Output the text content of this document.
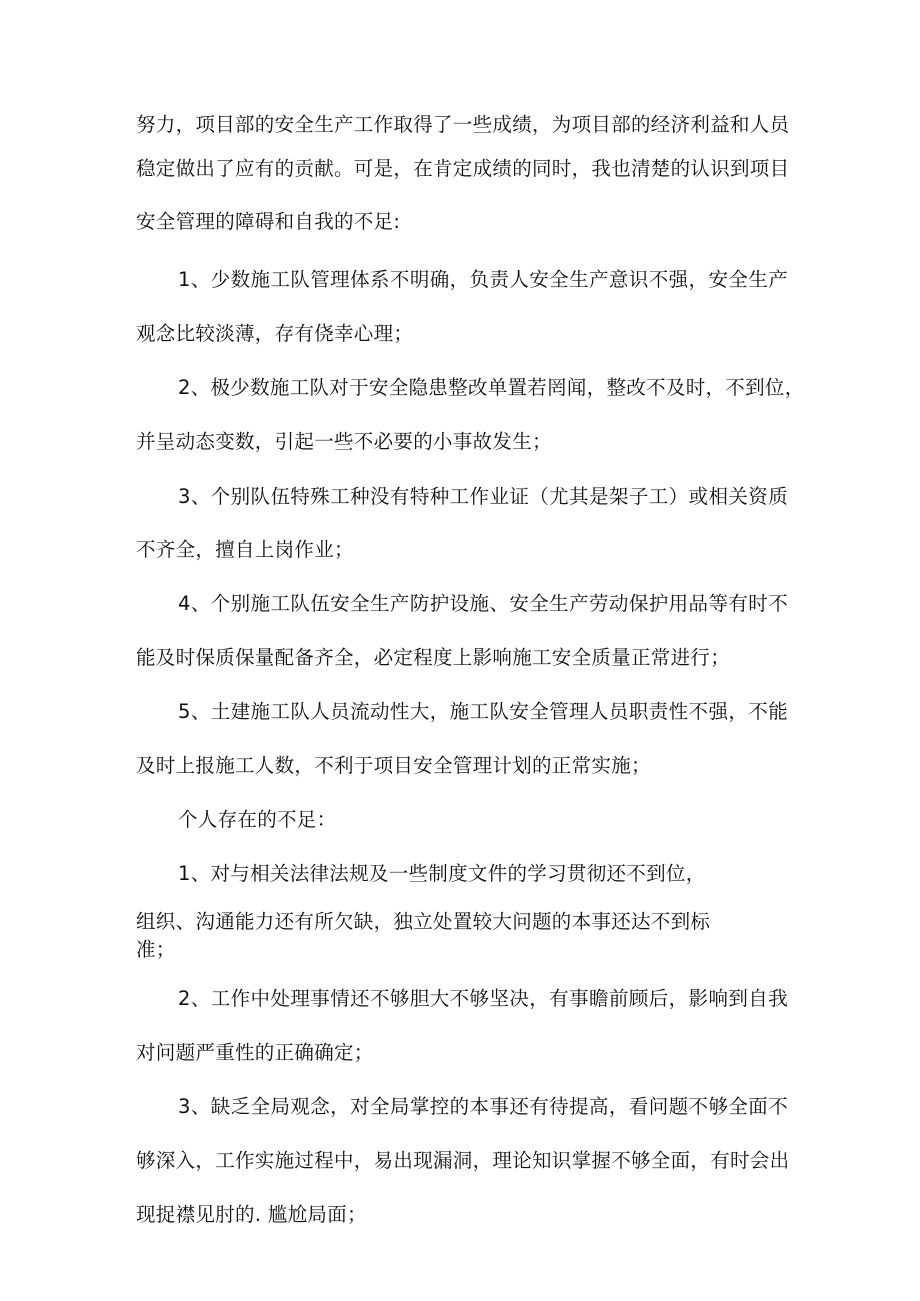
努力，项目部的安全生产工作取得了一些成绩，为项目部的经济利益和人员
稳定做出了应有的贡献。可是，在肯定成绩的同时，我也清楚的认识到项目
安全管理的障碍和自我的不足:
1、少数施工队管理体系不明确，负责人安全生产意识不强，安全生产
观念比较淡薄，存有侥幸心理；
2、极少数施工队对于安全隐患整改单置若罔闻，整改不及时，不到位，
并呈动态变数，引起一些不必要的小事故发生；
3、个别队伍特殊工种没有特种工作业证（尤其是架子工）或相关资质
不齐全，擅自上岗作业；
4、个别施工队伍安全生产防护设施、安全生产劳动保护用品等有时不
能及时保质保量配备齐全，必定程度上影响施工安全质量正常进行；
5、土建施工队人员流动性大，施工队安全管理人员职责性不强，不能
及时上报施工人数，不利于项目安全管理计划的正常实施；
个人存在的不足：
1、对与相关法律法规及一些制度文件的学习贯彻还不到位，
组织、沟通能力还有所欠缺，独立处置较大问题的本事还达不到标
准；
2、工作中处理事情还不够胆大不够坚决，有事瞻前顾后，影响到自我
对问题严重性的正确确定；
3、缺乏全局观念，对全局掌控的本事还有待提高，看问题不够全面不
够深入，工作实施过程中，易出现漏洞，理论知识掌握不够全面，有时会出
现捉襟见肘的. 尴尬局面；
